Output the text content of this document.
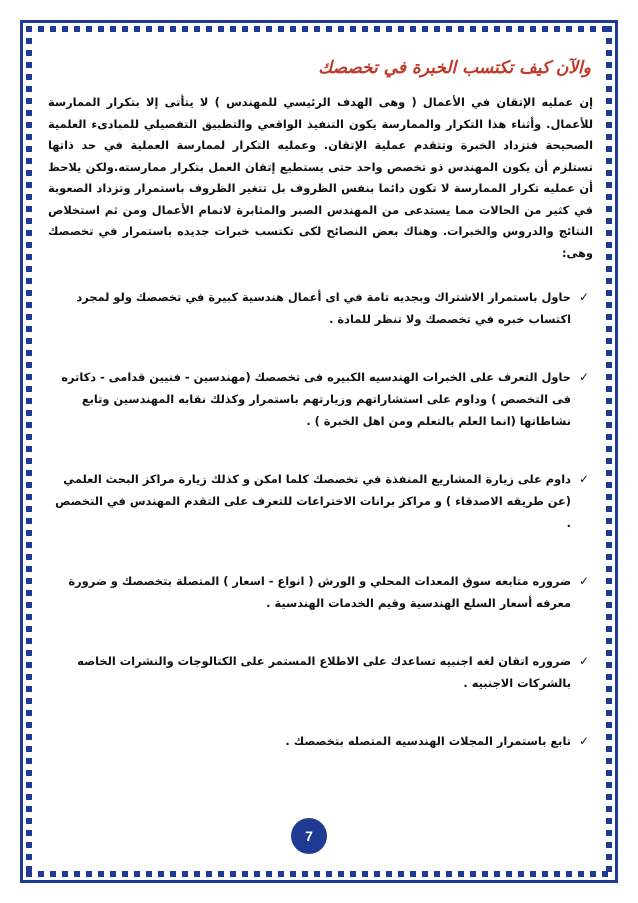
والآن كيف تكتسب الخبرة في تخصصك

إن عمليه الإتقان في الأعمال ( وهى الهدف الرئيسي للمهندس ) لا يتأتى إلا بتكرار الممارسة للأعمال. وأثناء هذا التكرار والممارسة يكون التنفيذ الواقعي والتطبيق التفصيلي للمبادىء العلمية الصحيحة فتزداد الخبرة وتتقدم عملية الإتقان. وعمليه التكرار لممارسة العملية في حد ذاتها تستلزم أن يكون المهندس ذو تخصص واحد حتى يستطيع إتقان العمل بتكرار ممارسته.ولكن يلاحظ أن عمليه تكرار الممارسة لا تكون دائما بنفس الظروف بل تتغير الظروف باستمرار وتزداد الصعوبة في كثير من الحالات مما يستدعى من المهندس الصبر والمثابرة لاتمام الأعمال ومن ثم استخلاص النتائج والدروس والخبرات. وهناك بعض النصائح لكى تكتسب خبرات جديده باستمرار في تخصصك وهى:

✓
حاول باستمرار الاشتراك وبجديه تامة في اى أعمال هندسية كبيرة في تخصصك ولو لمجرد اكتساب خبره في تخصصك ولا تنظر للمادة .
✓
حاول التعرف على الخبرات الهندسيه الكبيره فى تخصصك (مهندسين - فنيين قدامى - دكاتره فى التخصص ) وداوم على استشاراتهم وزيارتهم باستمرار وكذلك نقابه المهندسين وتابع نشاطاتها (انما العلم بالتعلم ومن اهل الخبرة ) .
✓
داوم على زيارة المشاريع المنفذة في تخصصك كلما امكن و كذلك زيارة مراكز البحث العلمي (عن طريقه الاصدقاء ) و مراكز برانات الاختراعات للتعرف على التقدم المهندس في التخصص .
✓
ضروره متابعه سوق المعدات المحلي و الورش ( انواع - اسعار ) المتصلة بتخصصك و ضرورة معرفه أسعار السلع الهندسية وقيم الخدمات الهندسية .
✓
ضروره اتقان لغه اجنبيه تساعدك على الاطلاع المستمر على الكتالوجات والنشرات الخاصه بالشركات الاجنبيه .
✓
تابع باستمرار المجلات الهندسيه المتصله بتخصصك .
7
